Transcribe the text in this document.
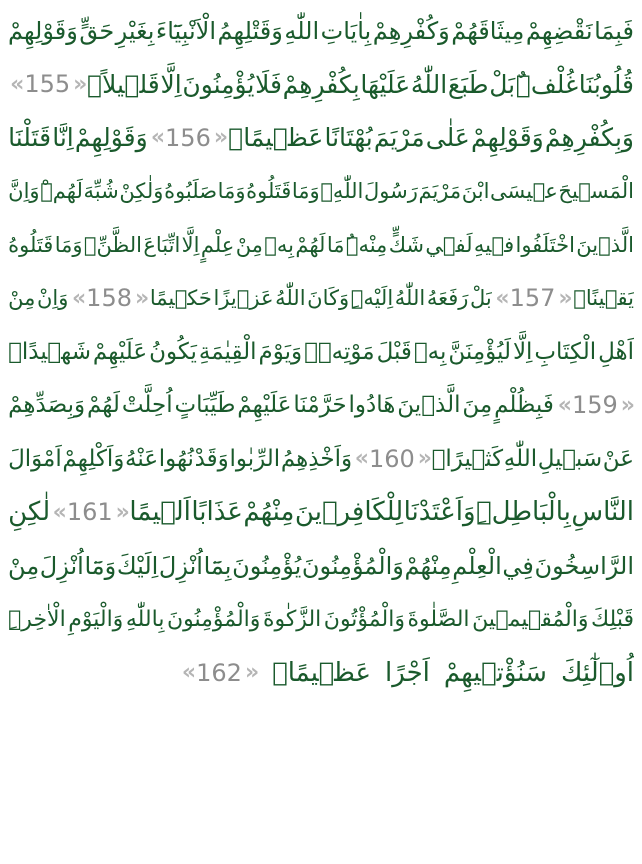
فَبِمَا
نَقْضِهِمْ
مِيثَاقَهُمْ
وَكُفْرِهِمْ
بِاٰيَاتِ
اللّٰهِ
وَقَتْلِهِمُ
الْاَنْبِيَٓاءَ
بِغَيْرِ
حَقٍّ
وَقَوْلِهِمْ
قُلُوبُنَا
غُلْفٌۜ
بَلْ
طَبَعَ
اللّٰهُ
عَلَيْهَا
بِكُفْرِهِمْ
فَلَا
يُؤْمِنُونَ
اِلَّا
قَلٖيلاًۖ
« 155 »
وَبِكُفْرِهِمْ
وَقَوْلِهِمْ
عَلٰى
مَرْيَمَ
بُهْتَانًا
عَظٖيمًاۙ
« 156 »
وَقَوْلِهِمْ
اِنَّا
قَتَلْنَا
الْمَسٖيحَ
عٖيسَى
ابْنَ
مَرْيَمَ
رَسُولَ
اللّٰهِۚ
وَمَا
قَتَلُوهُ
وَمَا
صَلَبُوهُ
وَلٰكِنْ
شُبِّهَ
لَهُمْۜ
وَاِنَّ
الَّذٖينَ
اخْتَلَفُوا
فٖيهِ
لَفٖي
شَكٍّ
مِنْهُۜ
مَا
لَهُمْ
بِهٖ
مِنْ
عِلْمٍ
اِلَّا
اتِّبَاعَ
الظَّنِّۚ
وَمَا
قَتَلُوهُ
يَقٖينًاۙ
« 157 »
بَلْ
رَفَعَهُ
اللّٰهُ
اِلَيْهِۜ
وَكَانَ
اللّٰهُ
عَزٖيزًا
حَكٖيمًا
« 158 »
وَاِنْ
مِنْ
اَهْلِ
الْكِتَابِ
اِلَّا
لَيُؤْمِنَنَّ
بِهٖ
قَبْلَ
مَوْتِهٖۚ
وَيَوْمَ
الْقِيٰمَةِ
يَكُونُ
عَلَيْهِمْ
شَهٖيدًاۚ
« 159 »
فَبِظُلْمٍ
مِنَ
الَّذٖينَ
هَادُوا
حَرَّمْنَا
عَلَيْهِمْ
طَيِّبَاتٍ
اُحِلَّتْ
لَهُمْ
وَبِصَدِّهِمْ
عَنْ
سَبٖيلِ
اللّٰهِ
كَثٖيرًاۙ
« 160 »
وَاَخْذِهِمُ
الرِّبٰوا
وَقَدْ
نُهُوا
عَنْهُ
وَاَكْلِهِمْ
اَمْوَالَ
النَّاسِ
بِالْبَاطِلِۜ
وَاَعْتَدْنَا
لِلْكَافِرٖينَ
مِنْهُمْ
عَذَابًا
اَلٖيمًا
« 161 »
لٰكِنِ
الرَّاسِخُونَ
فِي
الْعِلْمِ
مِنْهُمْ
وَالْمُؤْمِنُونَ
يُؤْمِنُونَ
بِمَٓا
اُنْزِلَ
اِلَيْكَ
وَمَٓا
اُنْزِلَ
مِنْ
قَبْلِكَ
وَالْمُقٖيمٖينَ
الصَّلٰوةَ
وَالْمُؤْتُونَ
الزَّكٰوةَ
وَالْمُؤْمِنُونَ
بِاللّٰهِ
وَالْيَوْمِ
الْاٰخِرِۜ
اُو۬لٰٓئِكَ
سَنُؤْتٖيهِمْ
اَجْرًا
عَظٖيمًا۟
« 162 »
